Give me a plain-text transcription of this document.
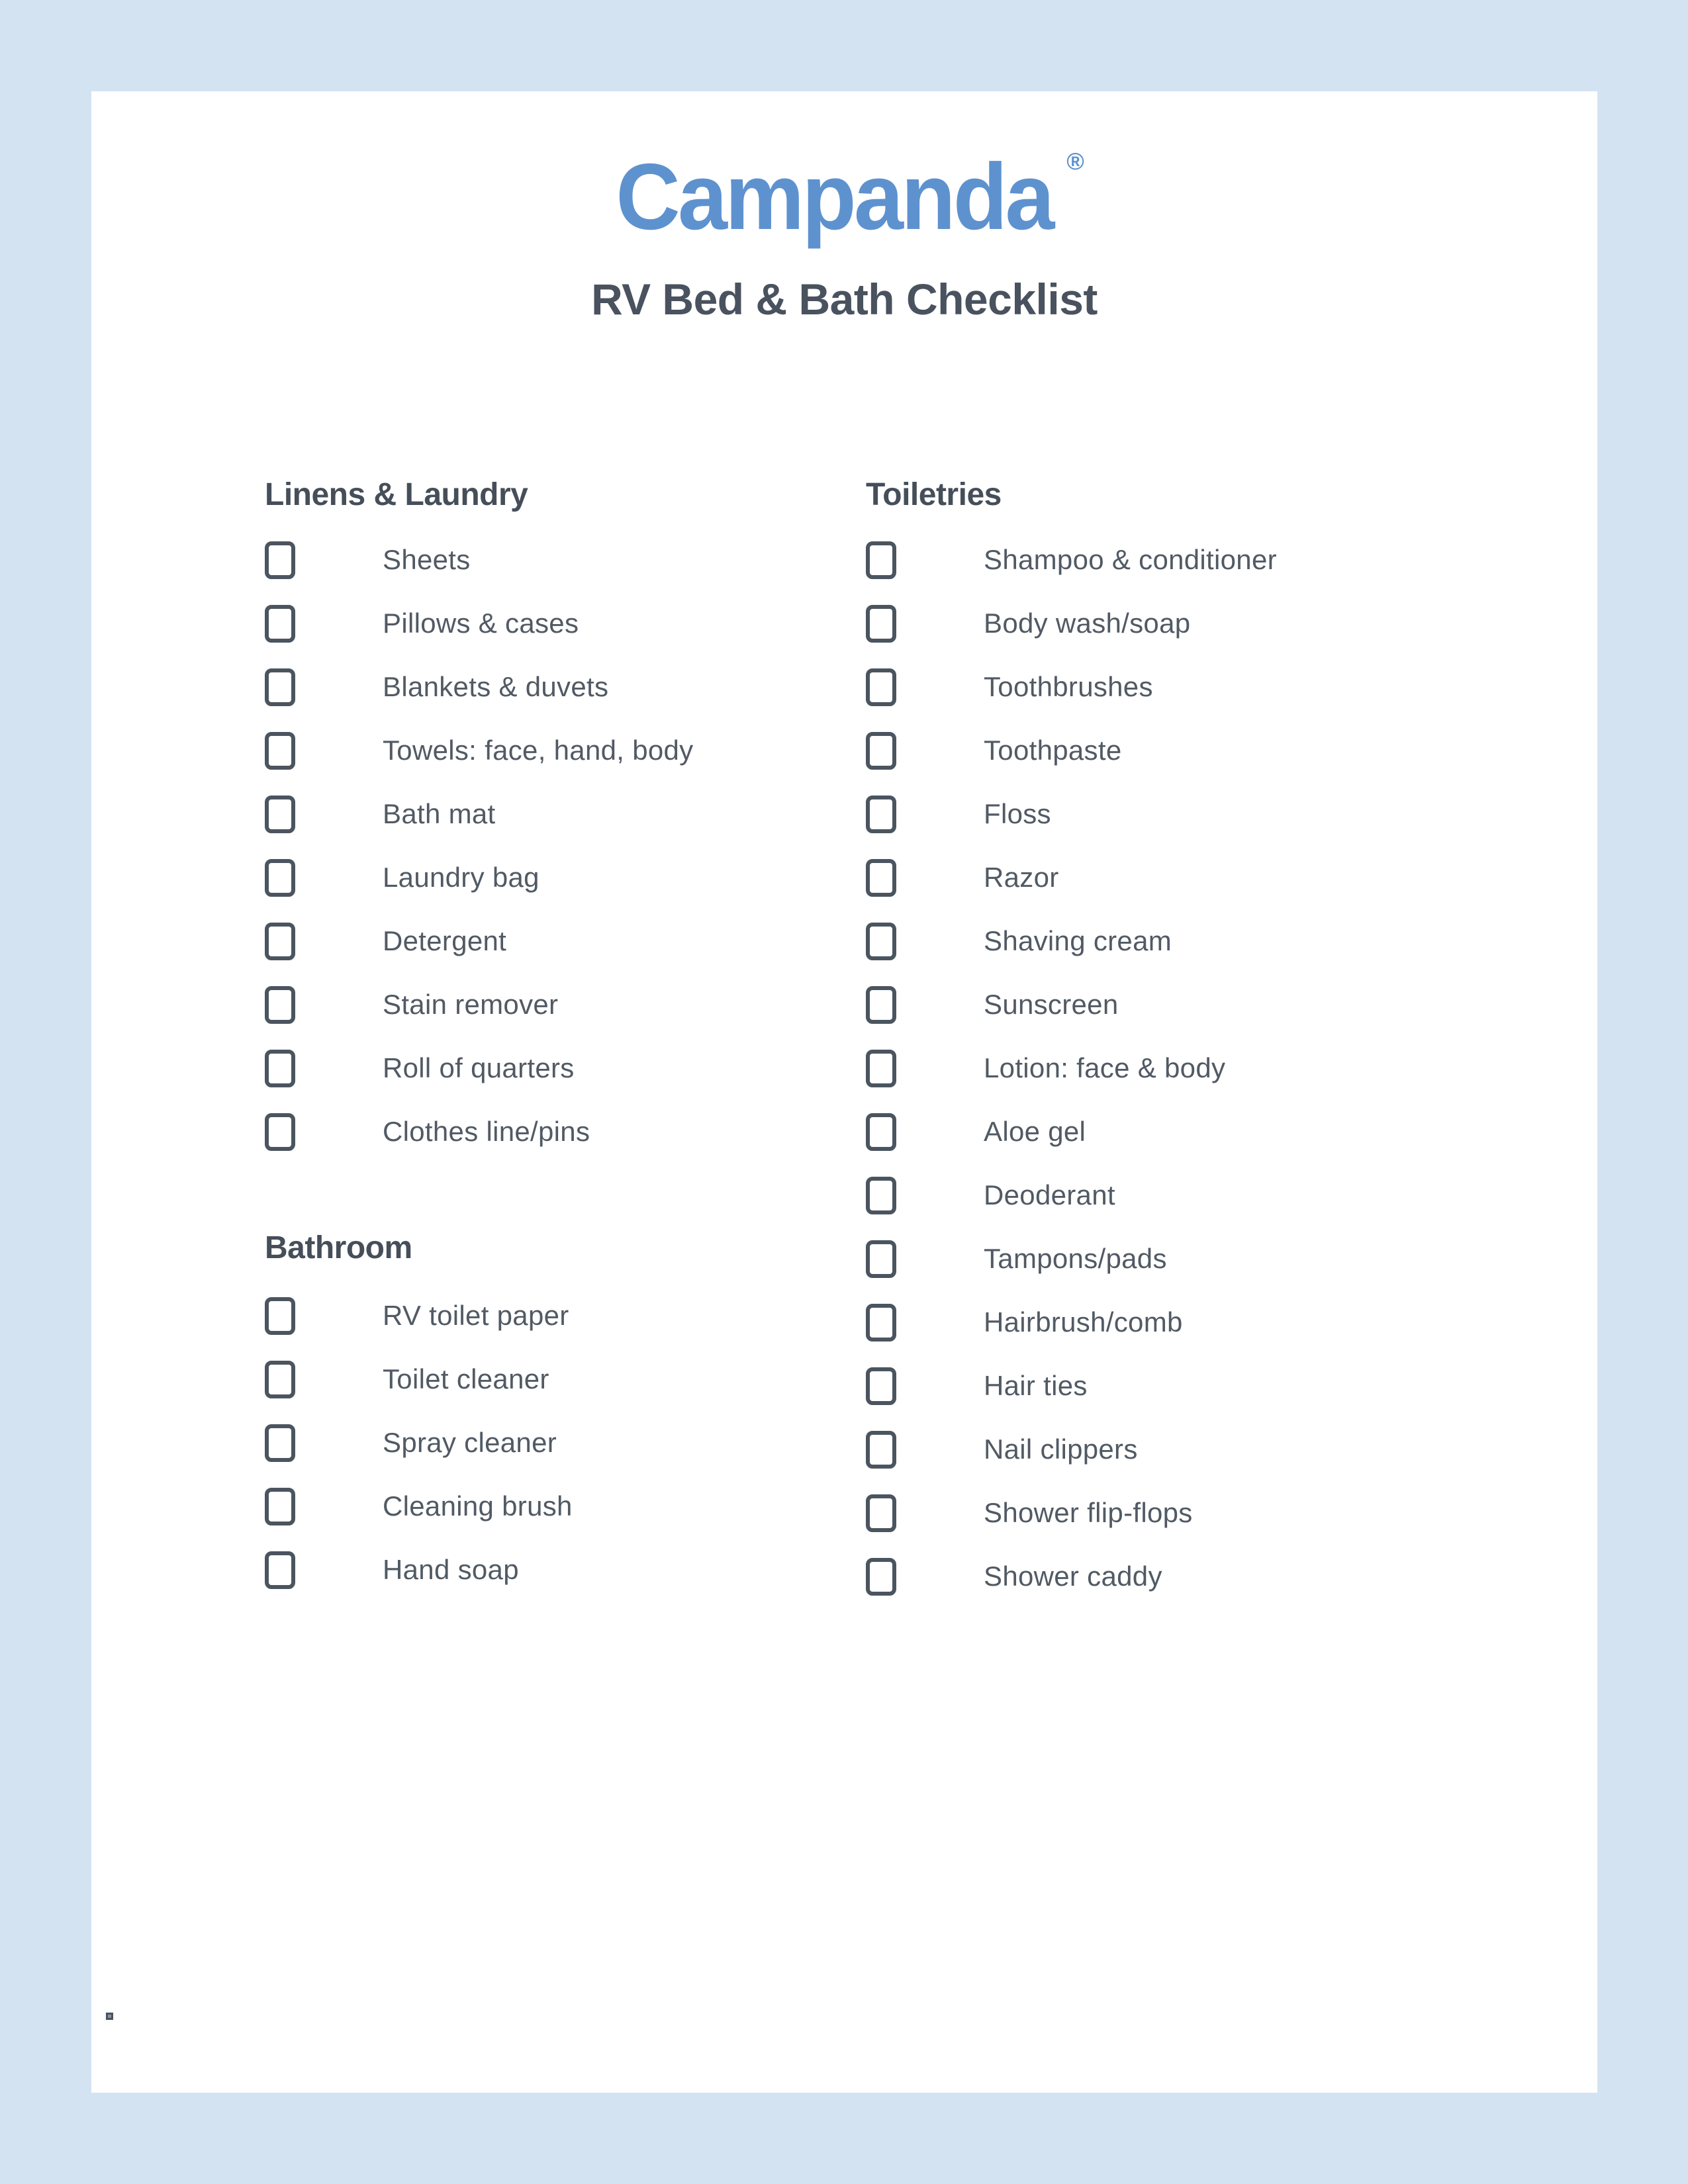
Campanda ®
RV Bed & Bath Checklist
Linens & Laundry
Sheets
Pillows & cases
Blankets & duvets
Towels: face, hand, body
Bath mat
Laundry bag
Detergent
Stain remover
Roll of quarters
Clothes line/pins
Bathroom
RV toilet paper
Toilet cleaner
Spray cleaner
Cleaning brush
Hand soap
Toiletries
Shampoo & conditioner
Body wash/soap
Toothbrushes
Toothpaste
Floss
Razor
Shaving cream
Sunscreen
Lotion: face & body
Aloe gel
Deoderant
Tampons/pads
Hairbrush/comb
Hair ties
Nail clippers
Shower flip-flops
Shower caddy
